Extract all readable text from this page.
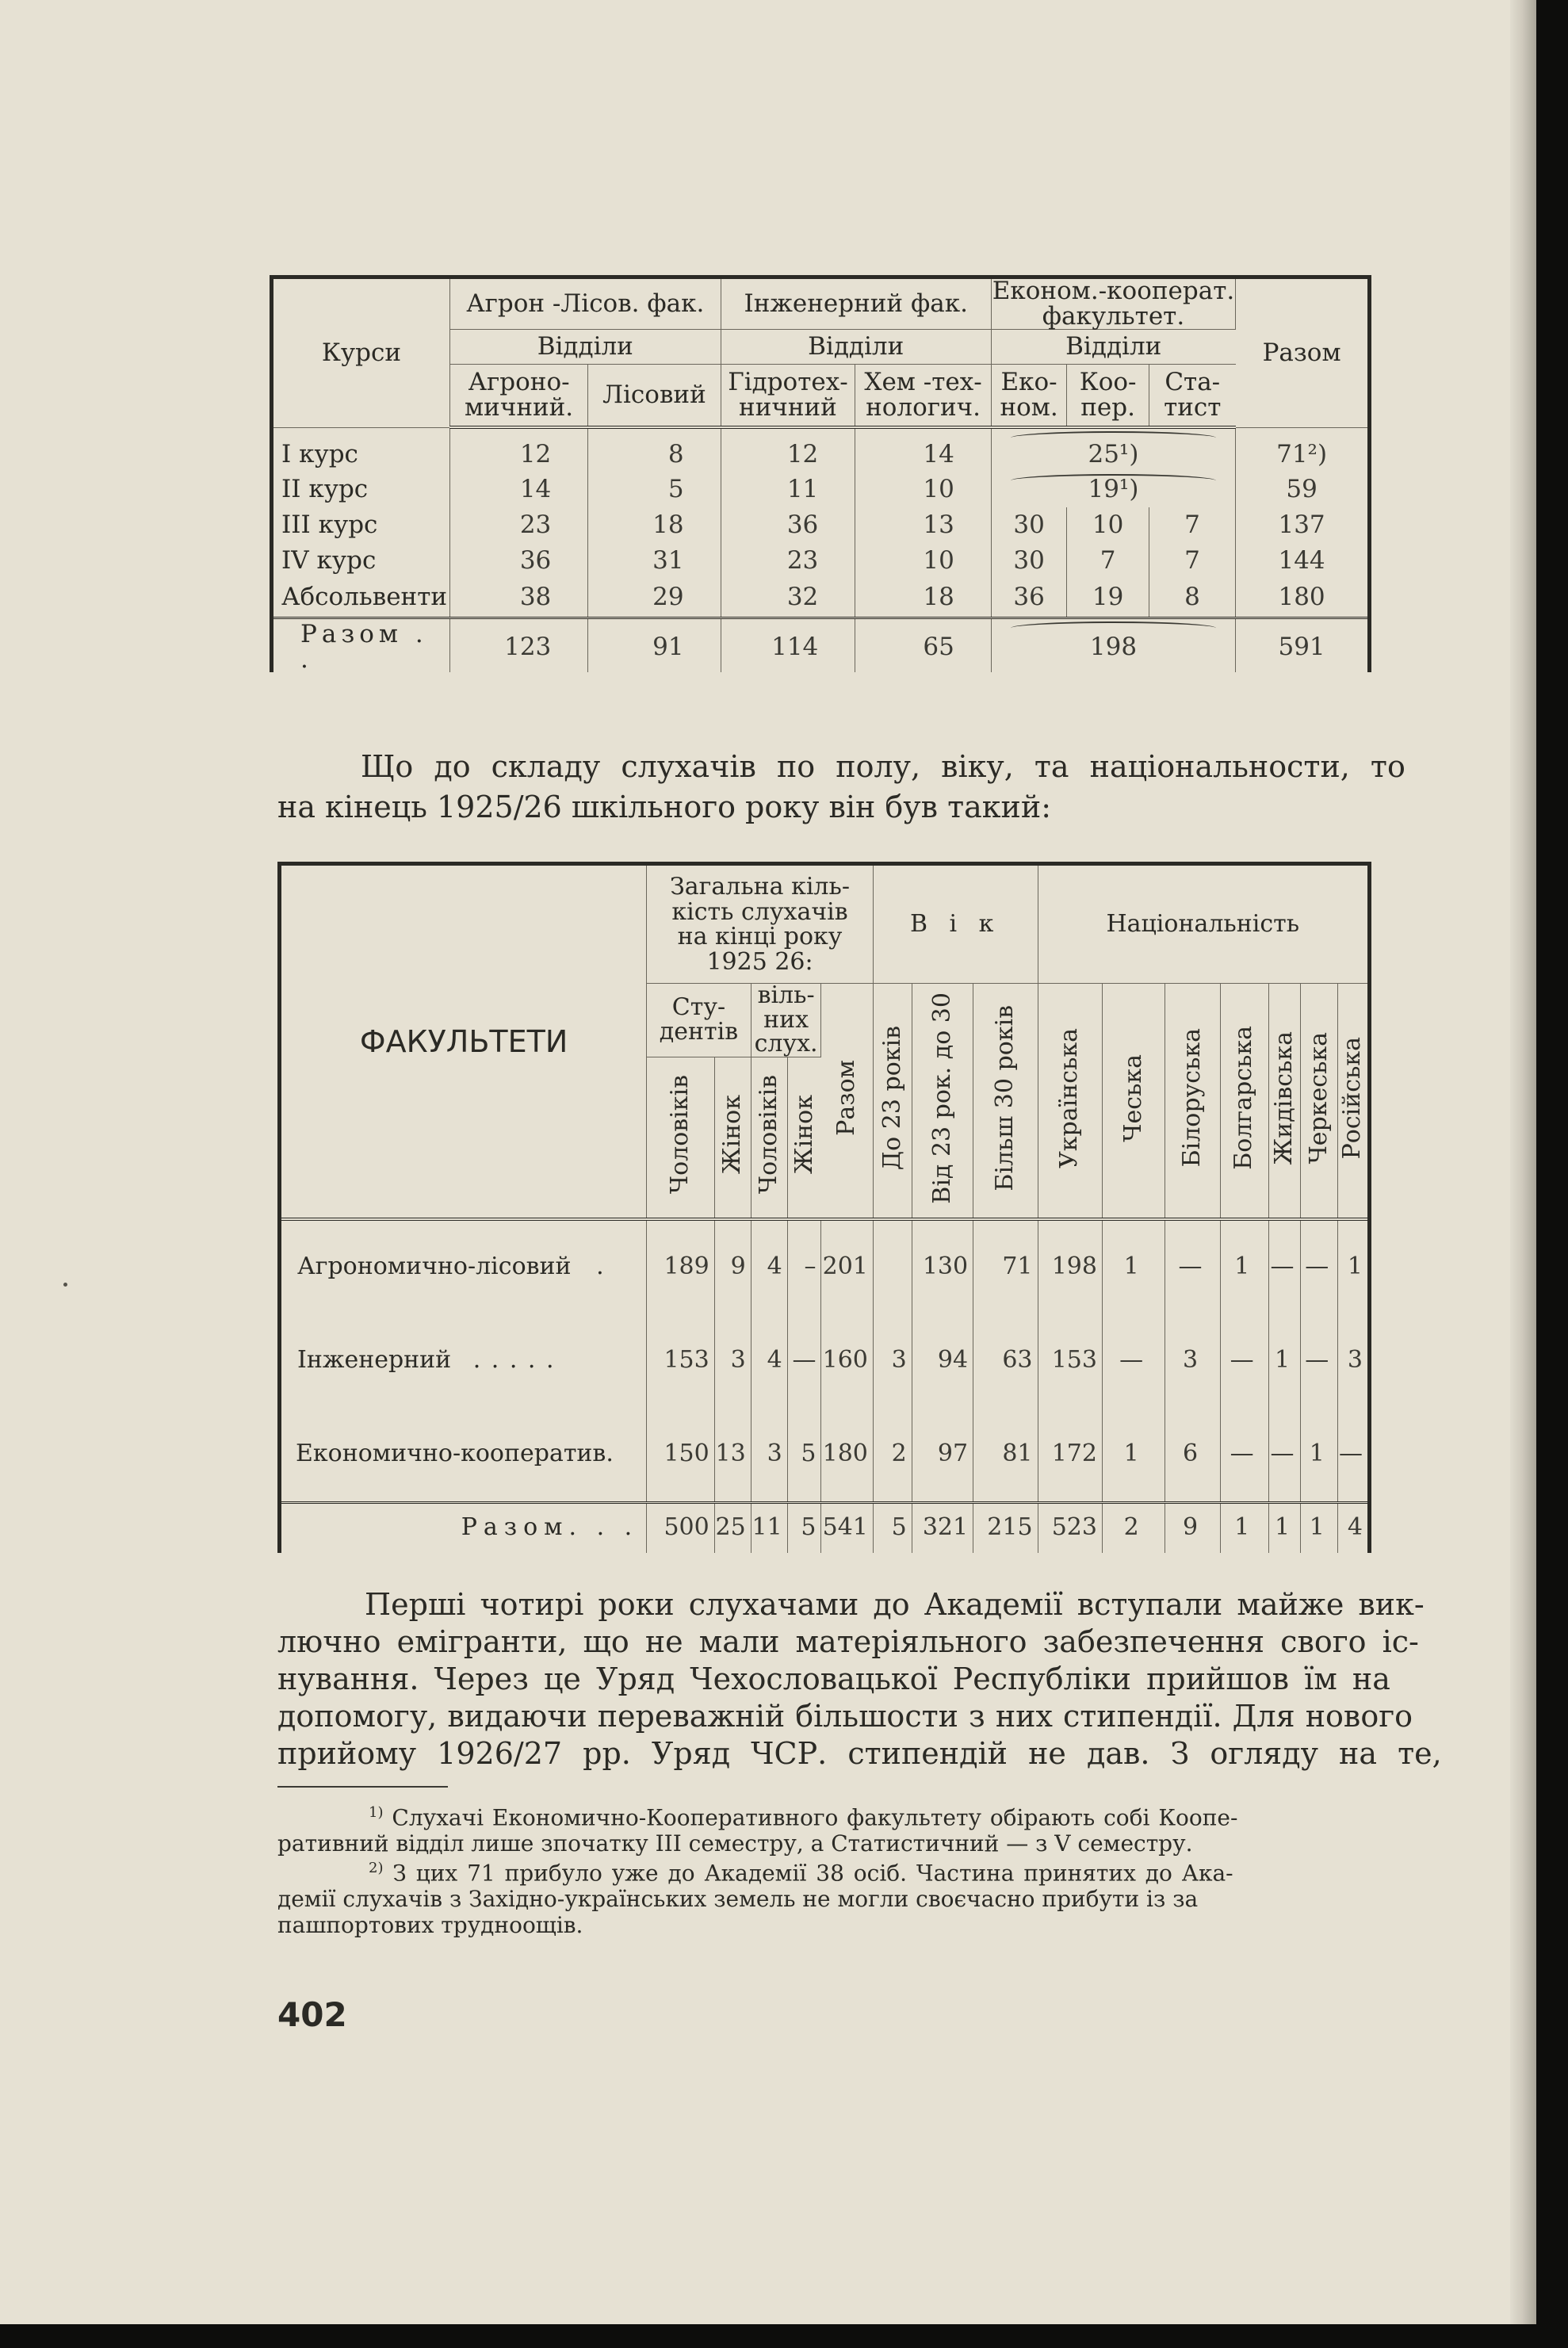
Курси	Агрон -Лісов. фак.		Інженерний фак.		Економ.-кооперат. факультет.			Разом
	Відділи		Відділи		Відділи			
	Агроно-мичний.	Лісовий	Гідротех-ничний	Хем -тех-нологич.	Еко-ном.	Коо-пер.	Ста-тист	
І курс	12	8	12	14	25¹)			71²)
II курс	14	5	11	10	19¹)			59
III курс	23	18	36	13	30	10	7	137
IV курс	36	31	23	10	30	7	7	144
Абсольвенти	38	29	32	18	36	19	8	180
Разом . .	123	91	114	65	198			591
Що до складу слухачів по полу, віку, та національности, то
на кінець 1925/26 шкільного року він був такий:
ФАКУЛЬТЕТИ	Загальна кіль-кість слухачів на кінці року 1925 26:					В і к			Національність						
	Сту-дентів		віль-них слух.		Разом	До 23 років	Від 23 рок. до 30	Більш 30 років	Українська	Чеська	Білоруська	Болгарська	Жидівська	Черкеська	Російська
	Чоловіків	Жінок	Чоловіків	Жінок											
Агрономично-лісовий .	189	9	4	–	201		130	71	198	1	—	1	—	—	1
Інженерний . . . . .	153	3	4	—	160	3	94	63	153	—	3	—	1	—	3
Економично-кооператив.	150	13	3	5	180	2	97	81	172	1	6	—	—	1	—
Разом. . .	500	25	11	5	541	5	321	215	523	2	9	1	1	1	4
Перші чотирі роки слухачами до Академії вступали майже вик-
лючно емігранти, що не мали матеріяльного забезпечення свого іс-
нування. Через це Уряд Чехословацької Республіки прийшов їм на
допомогу, видаючи переважній більшости з них стипендії. Для нового
прийому 1926/27 рр. Уряд ЧСР. стипендій не дав. З огляду на те,
$^{1)}$ Слухачі Економично-Кооперативного факультету обірають собі Коопе-
ративний відділ лише зпочатку III семестру, а Статистичний — з V семестру.
$^{2)}$ З цих 71 прибуло уже до Академії 38 осіб. Частина принятих до Ака-
демії слухачів з Західно-українських земель не могли своєчасно прибути із за
пашпортових трудноощів.
402
